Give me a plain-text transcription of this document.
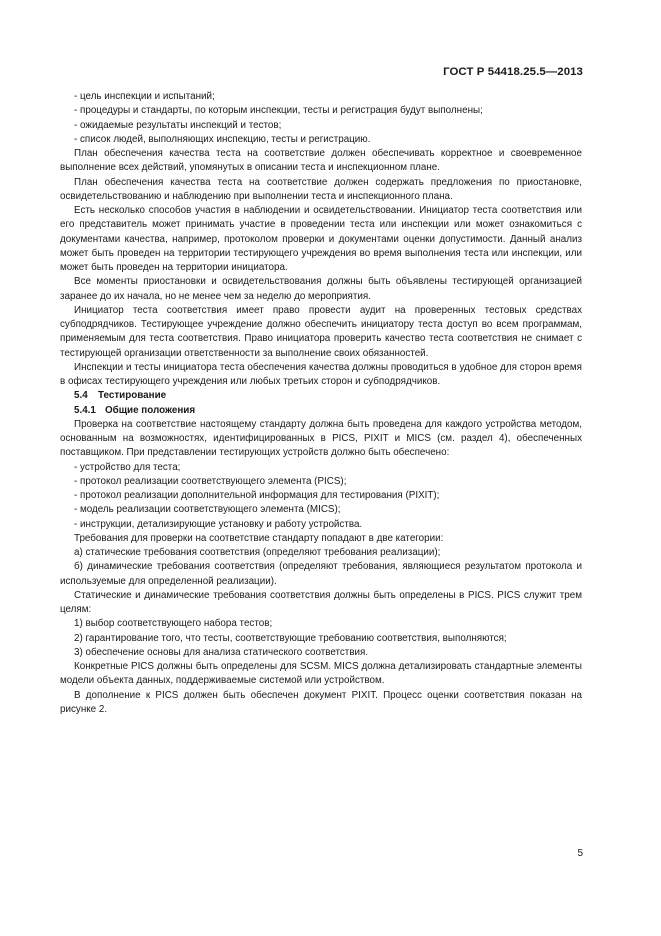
ГОСТ Р 54418.25.5—2013

- цель инспекции и испытаний;

- процедуры и стандарты, по которым инспекции, тесты и регистрация будут выполнены;

- ожидаемые результаты инспекций и тестов;

- список людей, выполняющих инспекцию, тесты и регистрацию.

План обеспечения качества теста на соответствие должен обеспечивать корректное и своевременное выполнение всех действий, упомянутых в описании теста и инспекционном плане.

План обеспечения качества теста на соответствие должен содержать предложения по приостановке, освидетельствованию и наблюдению при выполнении теста и инспекционного плана.

Есть несколько способов участия в наблюдении и освидетельствовании. Инициатор теста соответствия или его представитель может принимать участие в проведении теста или инспекции или может ознакомиться с документами качества, например, протоколом проверки и документами оценки допустимости. Данный анализ может быть проведен на территории тестирующего учреждения во время выполнения теста или инспекции, или может быть проведен на территории инициатора.

Все моменты приостановки и освидетельствования должны быть объявлены тестирующей организацией заранее до их начала, но не менее чем за неделю до мероприятия.

Инициатор теста соответствия имеет право провести аудит на проверенных тестовых средствах субподрядчиков. Тестирующее учреждение должно обеспечить инициатору теста доступ во всем программам, применяемым для теста соответствия. Право инициатора проверить качество теста соответствия не снимает с тестирующей организации ответственности за выполнение своих обязанностей.

Инспекции и тесты инициатора теста обеспечения качества должны проводиться в удобное для сторон время в офисах тестирующего учреждения или любых третьих сторон и субподрядчиков.

5.4 Тестирование

5.4.1 Общие положения

Проверка на соответствие настоящему стандарту должна быть проведена для каждого устройства методом, основанным на возможностях, идентифицированных в PICS, PIXIT и MICS (см. раздел 4), обеспеченных поставщиком. При представлении тестирующих устройств должно быть обеспечено:

- устройство для теста;

- протокол реализации соответствующего элемента (PICS);

- протокол реализации дополнительной информация для тестирования (PIXIT);

- модель реализации соответствующего элемента (MICS);

- инструкции, детализирующие установку и работу устройства.

Требования для проверки на соответствие стандарту попадают в две категории:

а) статические требования соответствия (определяют требования реализации);

б) динамические требования соответствия (определяют требования, являющиеся результатом протокола и используемые для определенной реализации).

Статические и динамические требования соответствия должны быть определены в PICS. PICS служит трем целям:

1) выбор соответствующего набора тестов;

2) гарантирование того, что тесты, соответствующие требованию соответствия, выполняются;

3) обеспечение основы для анализа статического соответствия.

Конкретные PICS должны быть определены для SCSM. MICS должна детализировать стандартные элементы модели объекта данных, поддерживаемые системой или устройством.

В дополнение к PICS должен быть обеспечен документ PIXIT. Процесс оценки соответствия показан на рисунке 2.

5
